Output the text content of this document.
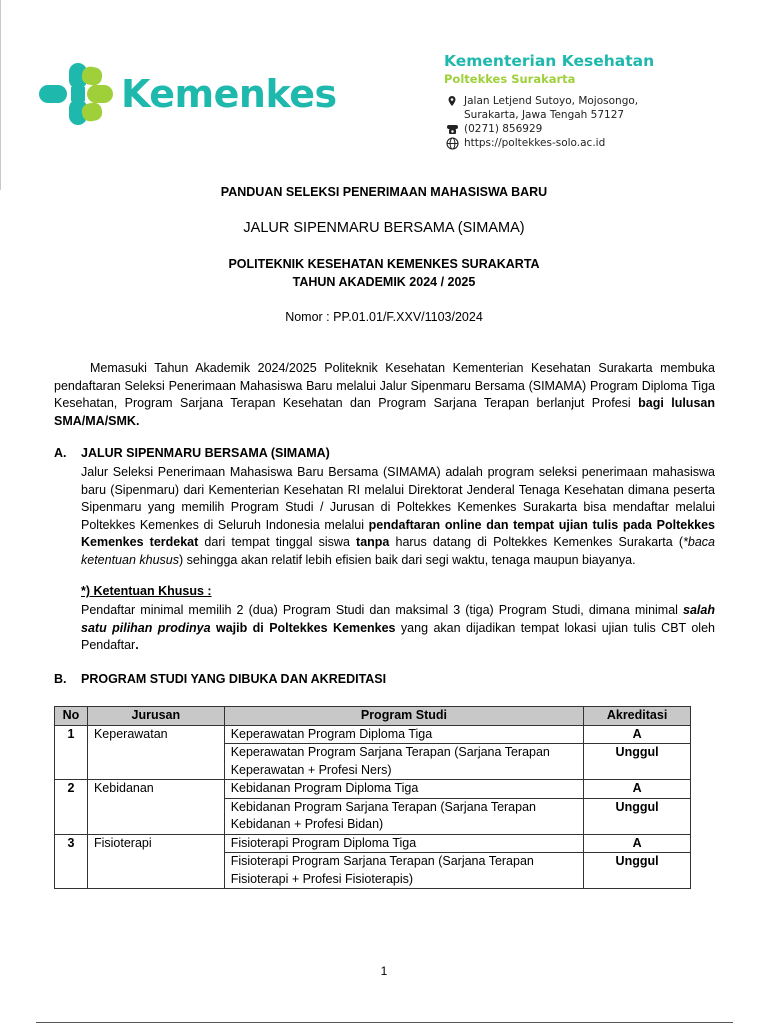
Kemenkes
Kementerian Kesehatan
Poltekkes Surakarta
Jalan Letjend Sutoyo, Mojosongo,
Surakarta, Jawa Tengah 57127
(0271) 856929
https://poltekkes-solo.ac.id
PANDUAN SELEKSI PENERIMAAN MAHASISWA BARU
JALUR SIPENMARU BERSAMA (SIMAMA)
POLITEKNIK KESEHATAN KEMENKES SURAKARTA
TAHUN AKADEMIK 2024 / 2025
Nomor : PP.01.01/F.XXV/1103/2024
Memasuki Tahun Akademik 2024/2025 Politeknik Kesehatan Kementerian Kesehatan Surakarta membuka pendaftaran Seleksi Penerimaan Mahasiswa Baru melalui Jalur Sipenmaru Bersama (SIMAMA) Program Diploma Tiga Kesehatan, Program Sarjana Terapan Kesehatan dan Program Sarjana Terapan berlanjut Profesi bagi lulusan SMA/MA/SMK.
A. JALUR SIPENMARU BERSAMA (SIMAMA)
Jalur Seleksi Penerimaan Mahasiswa Baru Bersama (SIMAMA) adalah program seleksi penerimaan mahasiswa baru (Sipenmaru) dari Kementerian Kesehatan RI melalui Direktorat Jenderal Tenaga Kesehatan dimana peserta Sipenmaru yang memilih Program Studi / Jurusan di Poltekkes Kemenkes Surakarta bisa mendaftar melalui Poltekkes Kemenkes di Seluruh Indonesia melalui pendaftaran online dan tempat ujian tulis pada Poltekkes Kemenkes terdekat dari tempat tinggal siswa tanpa harus datang di Poltekkes Kemenkes Surakarta (*baca ketentuan khusus) sehingga akan relatif lebih efisien baik dari segi waktu, tenaga maupun biayanya.
*) Ketentuan Khusus :
Pendaftar minimal memilih 2 (dua) Program Studi dan maksimal 3 (tiga) Program Studi, dimana minimal salah satu pilihan prodinya wajib di Poltekkes Kemenkes yang akan dijadikan tempat lokasi ujian tulis CBT oleh Pendaftar.
B. PROGRAM STUDI YANG DIBUKA DAN AKREDITASI
No	Jurusan	Program Studi	Akreditasi
1	Keperawatan	Keperawatan Program Diploma Tiga	A
		Keperawatan Program Sarjana Terapan (Sarjana Terapan Keperawatan + Profesi Ners)	Unggul
2	Kebidanan	Kebidanan Program Diploma Tiga	A
		Kebidanan Program Sarjana Terapan (Sarjana Terapan Kebidanan + Profesi Bidan)	Unggul
3	Fisioterapi	Fisioterapi Program Diploma Tiga	A
		Fisioterapi Program Sarjana Terapan (Sarjana Terapan Fisioterapi + Profesi Fisioterapis)	Unggul
1
